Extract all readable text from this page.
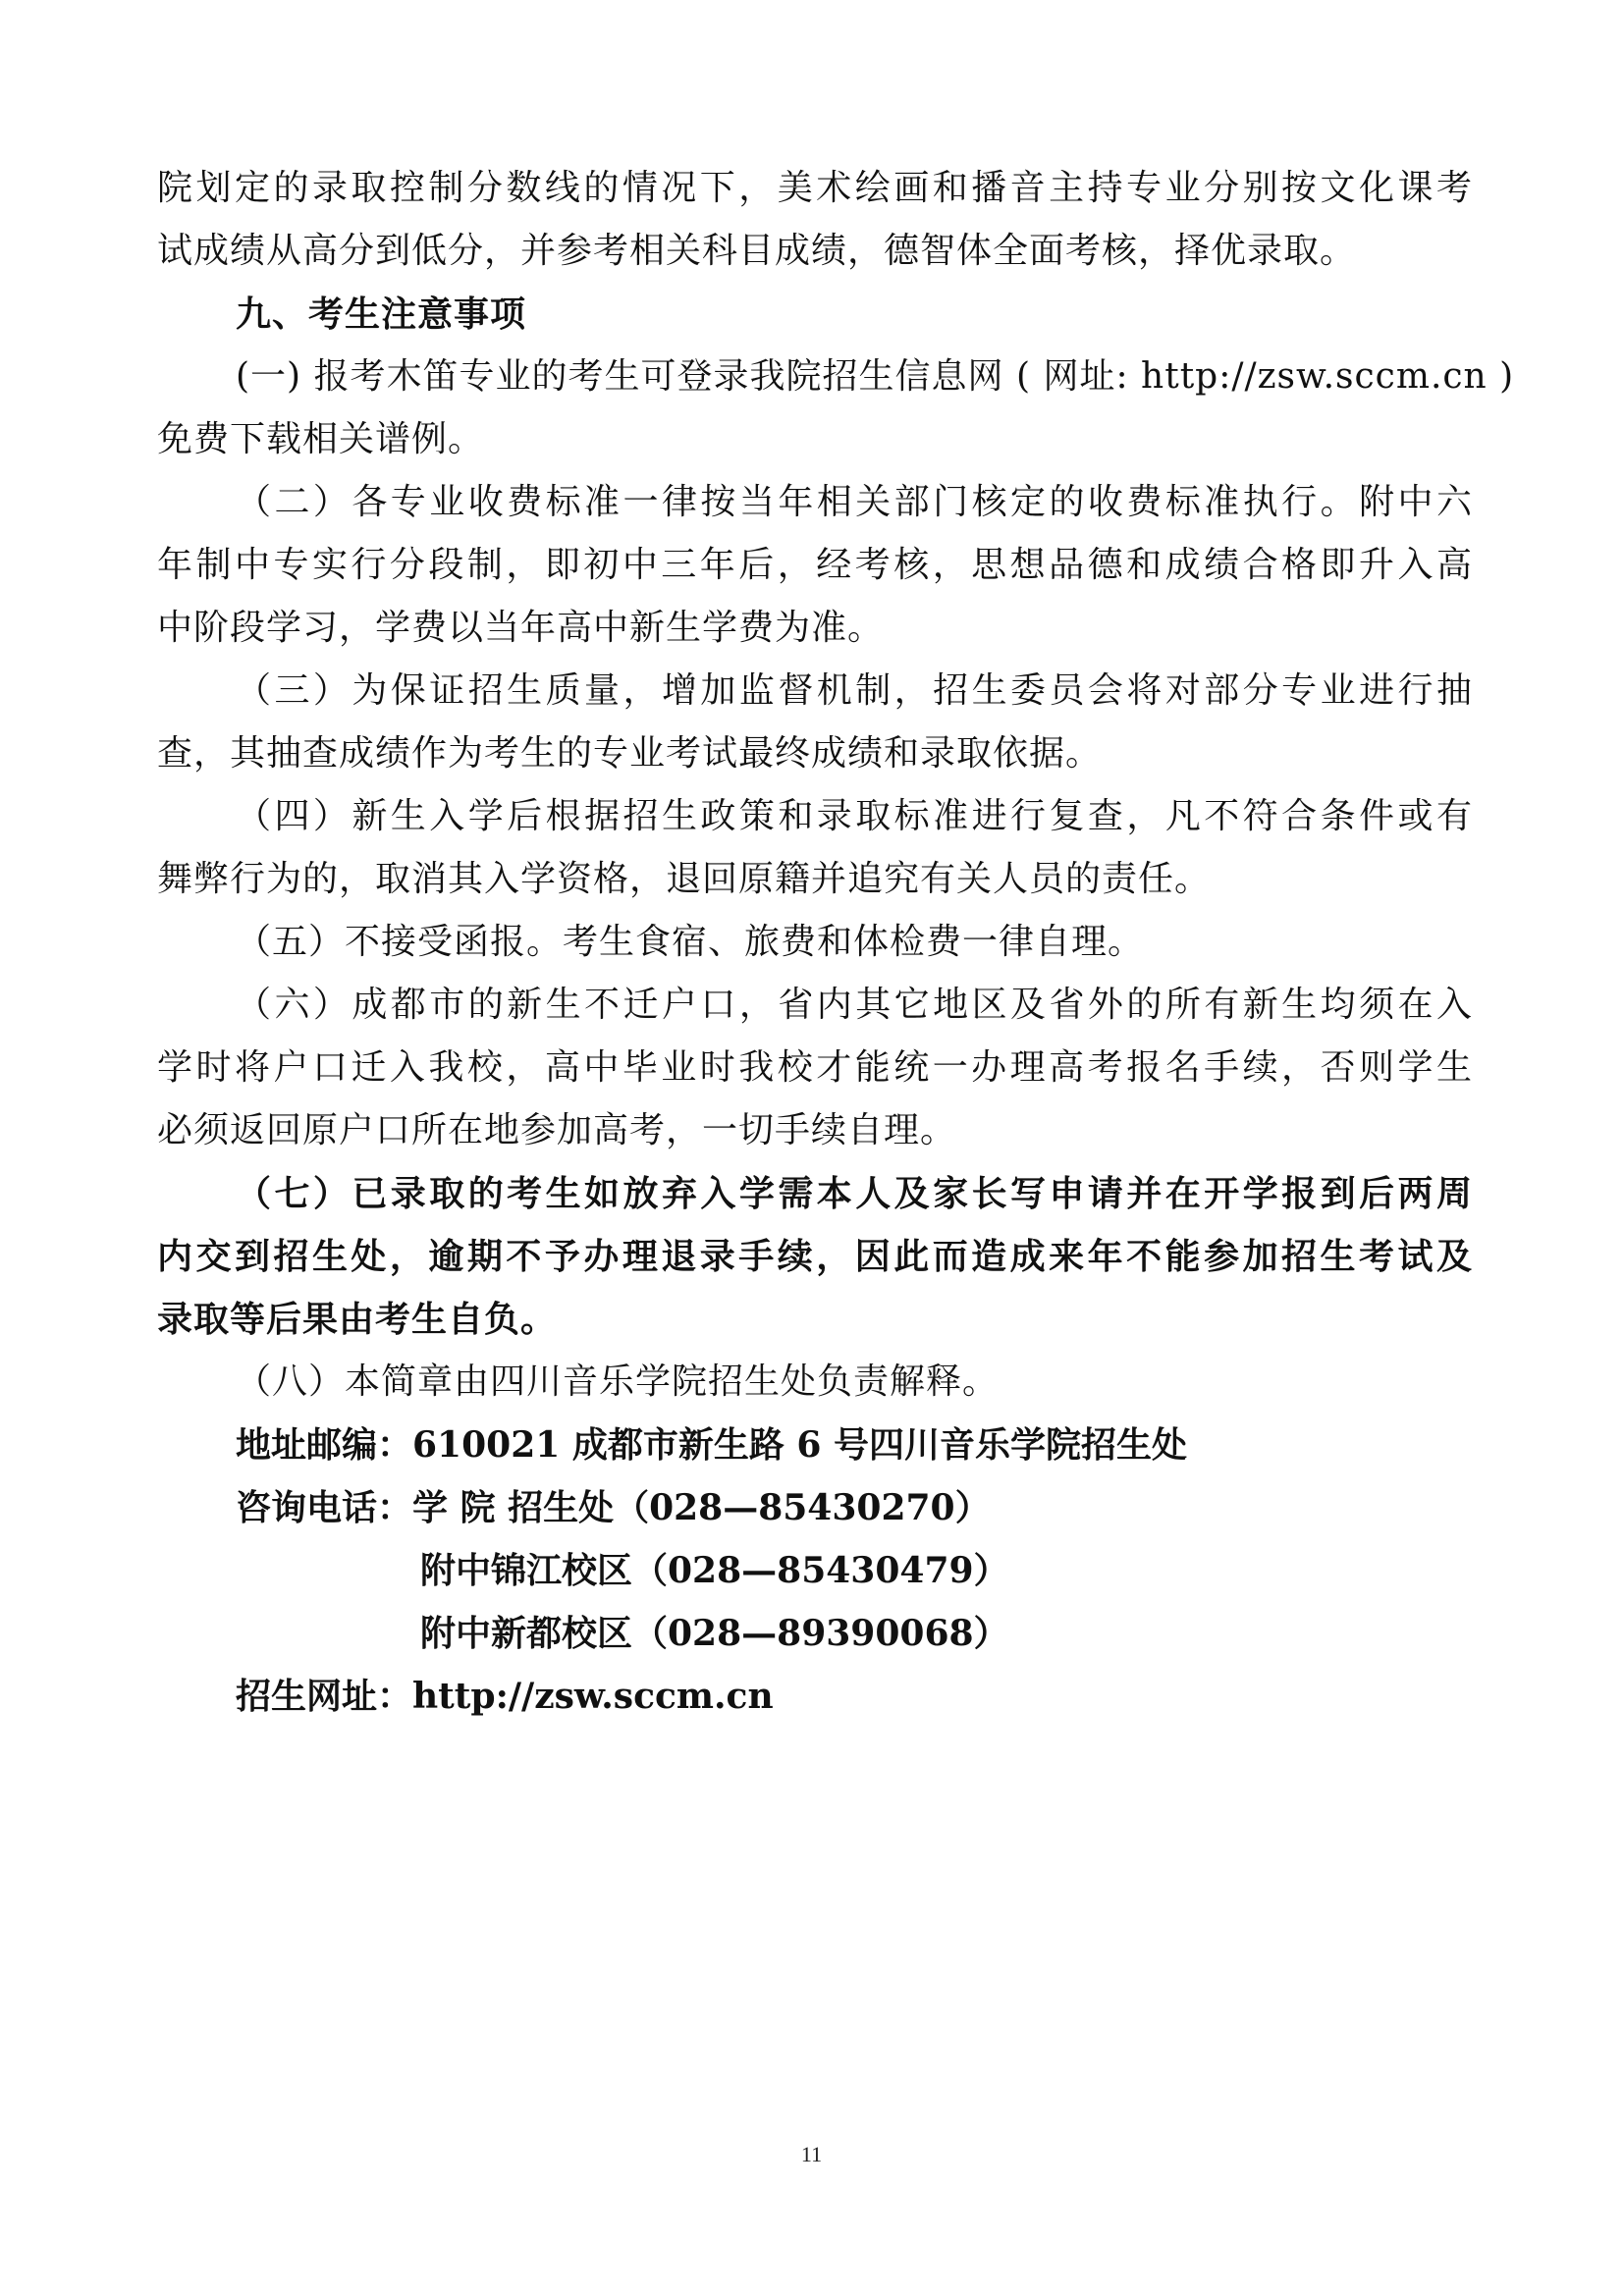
院划定的录取控制分数线的情况下，美术绘画和播音主持专业分别按文化课考
试成绩从高分到低分，并参考相关科目成绩，德智体全面考核，择优录取。
九、考生注意事项
(一) 报考木笛专业的考生可登录我院招生信息网 ( 网址: http://zsw.sccm.cn )
免费下载相关谱例。
（二）各专业收费标准一律按当年相关部门核定的收费标准执行。附中六
年制中专实行分段制，即初中三年后，经考核，思想品德和成绩合格即升入高
中阶段学习，学费以当年高中新生学费为准。
（三）为保证招生质量，增加监督机制，招生委员会将对部分专业进行抽
查，其抽查成绩作为考生的专业考试最终成绩和录取依据。
（四）新生入学后根据招生政策和录取标准进行复查，凡不符合条件或有
舞弊行为的，取消其入学资格，退回原籍并追究有关人员的责任。
（五）不接受函报。考生食宿、旅费和体检费一律自理。
（六）成都市的新生不迁户口，省内其它地区及省外的所有新生均须在入
学时将户口迁入我校，高中毕业时我校才能统一办理高考报名手续，否则学生
必须返回原户口所在地参加高考，一切手续自理。
（七）已录取的考生如放弃入学需本人及家长写申请并在开学报到后两周
内交到招生处，逾期不予办理退录手续，因此而造成来年不能参加招生考试及
录取等后果由考生自负。
（八）本简章由四川音乐学院招生处负责解释。
地址邮编：610021 成都市新生路 6 号四川音乐学院招生处
咨询电话：学 院 招生处（028—85430270）
附中锦江校区（028—85430479）
附中新都校区（028—89390068）
招生网址：http://zsw.sccm.cn
11
